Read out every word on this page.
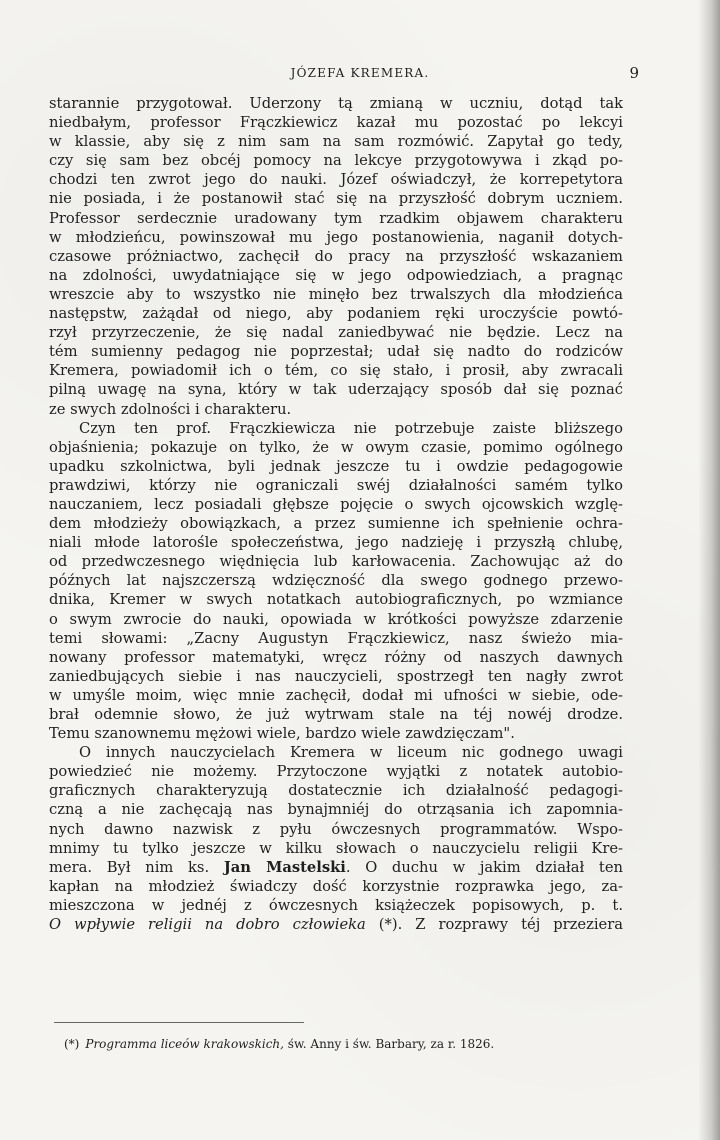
JÓZEFA KREMERA.	9
starannie przygotował. Uderzony tą zmianą w uczniu, dotąd tak
niedbałym, professor Frączkiewicz kazał mu pozostać po lekcyi
w klassie, aby się z nim sam na sam rozmówić. Zapytał go tedy,
czy się sam bez obcéj pomocy na lekcye przygotowywa i zkąd po-
chodzi ten zwrot jego do nauki. Józef oświadczył, że korrepetytora
nie posiada, i że postanowił stać się na przyszłość dobrym uczniem.
Professor serdecznie uradowany tym rzadkim objawem charakteru
w młodzieńcu, powinszował mu jego postanowienia, naganił dotych-
czasowe próżniactwo, zachęcił do pracy na przyszłość wskazaniem
na zdolności, uwydatniające się w jego odpowiedziach, a pragnąc
wreszcie aby to wszystko nie minęło bez trwalszych dla młodzieńca
następstw, zażądał od niego, aby podaniem ręki uroczyście powtó-
rzył przyrzeczenie, że się nadal zaniedbywać nie będzie. Lecz na
tém sumienny pedagog nie poprzestał; udał się nadto do rodziców
Kremera, powiadomił ich o tém, co się stało, i prosił, aby zwracali
pilną uwagę na syna, który w tak uderzający sposób dał się poznać
ze swych zdolności i charakteru.
Czyn ten prof. Frączkiewicza nie potrzebuje zaiste bliższego
objaśnienia; pokazuje on tylko, że w owym czasie, pomimo ogólnego
upadku szkolnictwa, byli jednak jeszcze tu i owdzie pedagogowie
prawdziwi, którzy nie ograniczali swéj działalności samém tylko
nauczaniem, lecz posiadali głębsze pojęcie o swych ojcowskich wzglę-
dem młodzieży obowiązkach, a przez sumienne ich spełnienie ochra-
niali młode latorośle społeczeństwa, jego nadzieję i przyszłą chlubę,
od przedwczesnego więdnięcia lub karłowacenia. Zachowując aż do
późnych lat najszczerszą wdzięczność dla swego godnego przewo-
dnika, Kremer w swych notatkach autobiograficznych, po wzmiance
o swym zwrocie do nauki, opowiada w krótkości powyższe zdarzenie
temi słowami: „Zacny Augustyn Frączkiewicz, nasz świeżo mia-
nowany professor matematyki, wręcz różny od naszych dawnych
zaniedbujących siebie i nas nauczycieli, spostrzegł ten nagły zwrot
w umyśle moim, więc mnie zachęcił, dodał mi ufności w siebie, ode-
brał odemnie słowo, że już wytrwam stale na téj nowéj drodze.
Temu szanownemu mężowi wiele, bardzo wiele zawdzięczam".
O innych nauczycielach Kremera w liceum nic godnego uwagi
powiedzieć nie możemy. Przytoczone wyjątki z notatek autobio-
graficznych charakteryzują dostatecznie ich działalność pedagogi-
czną a nie zachęcają nas bynajmniéj do otrząsania ich zapomnia-
nych dawno nazwisk z pyłu ówczesnych programmatów. Wspo-
mnimy tu tylko jeszcze w kilku słowach o nauczycielu religii Kre-
mera. Był nim ks. Jan Mastelski. O duchu w jakim działał ten
kapłan na młodzież świadczy dość korzystnie rozprawka jego, za-
mieszczona w jednéj z ówczesnych książeczek popisowych, p. t.
O wpływie religii na dobro człowieka (*). Z rozprawy téj przeziera
(*) Programma liceów krakowskich, św. Anny i św. Barbary, za r. 1826.
